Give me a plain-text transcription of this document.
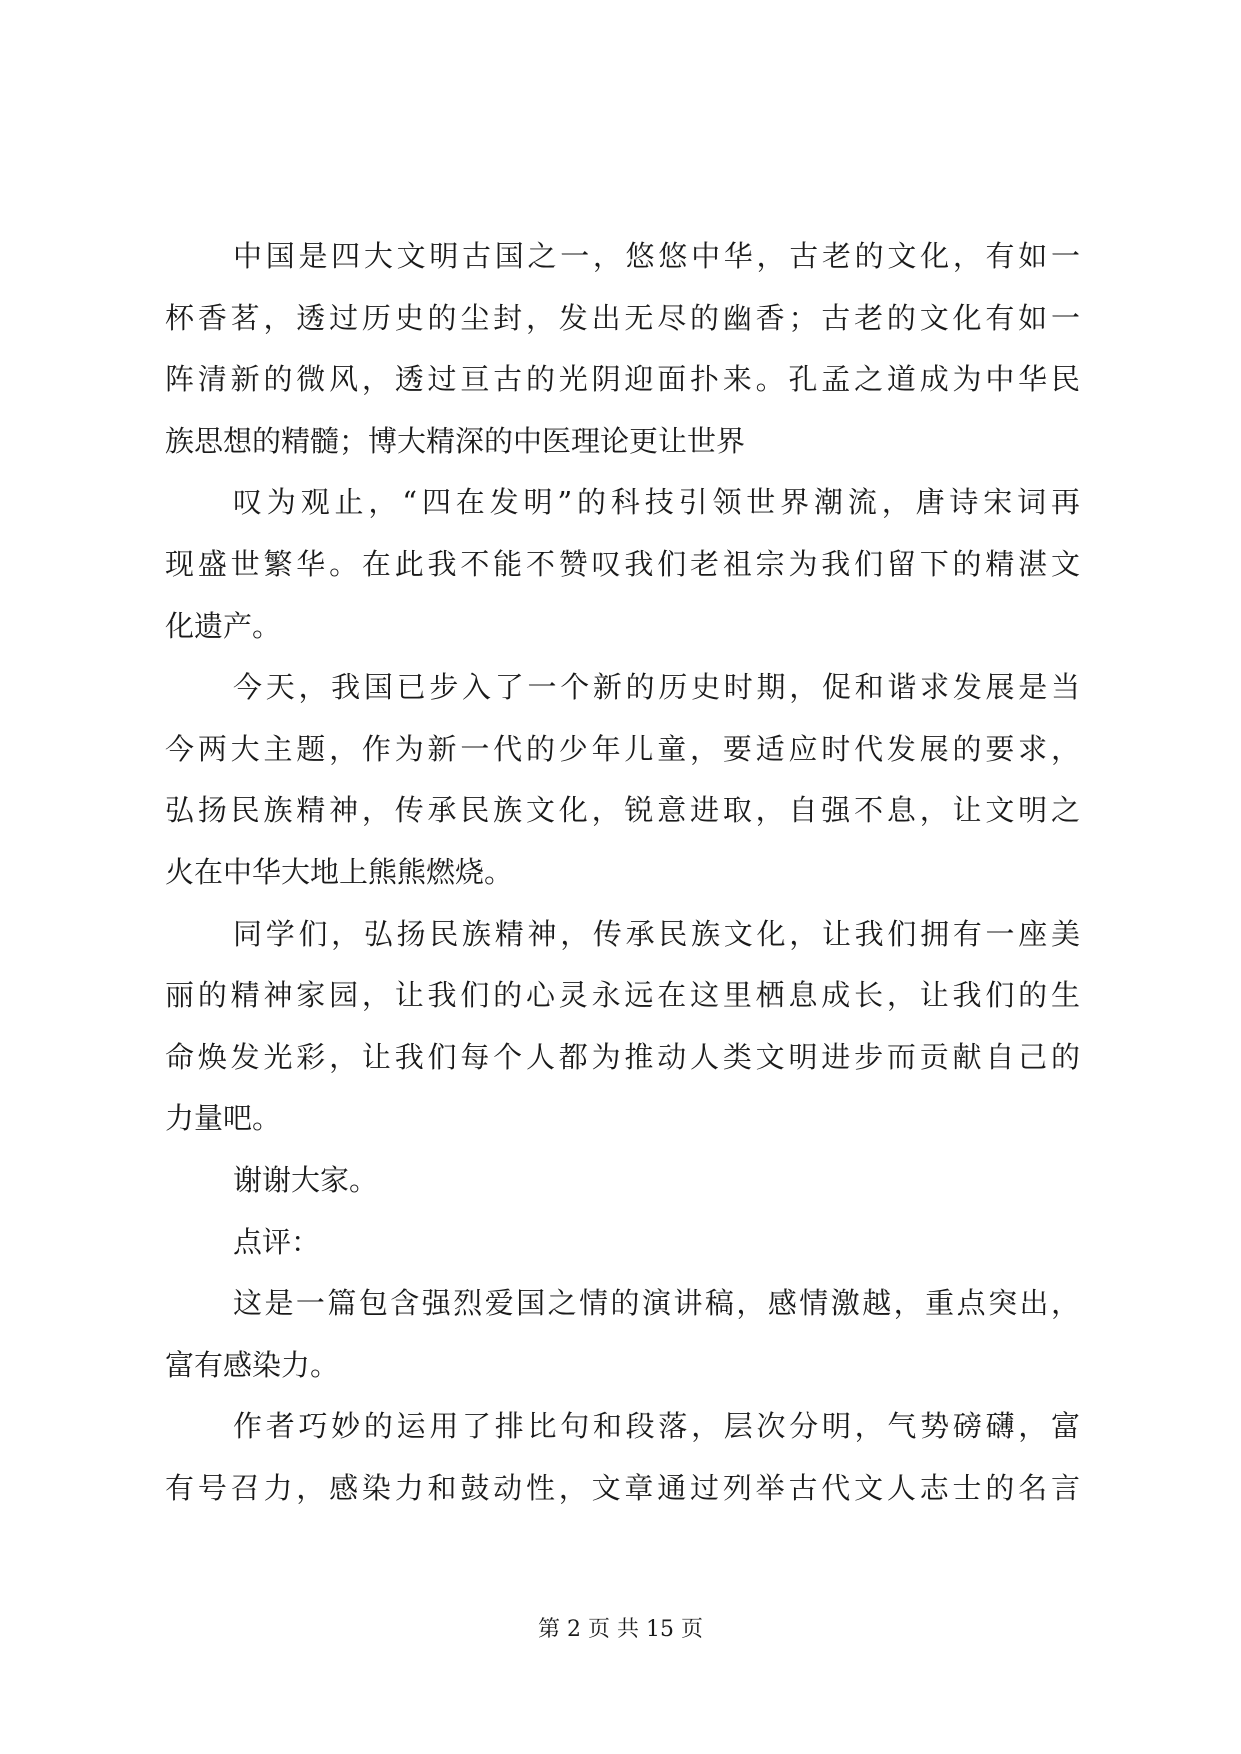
中国是四大文明古国之一，悠悠中华，古老的文化，有如一
杯香茗，透过历史的尘封，发出无尽的幽香；古老的文化有如一
阵清新的微风，透过亘古的光阴迎面扑来。孔孟之道成为中华民
族思想的精髓；博大精深的中医理论更让世界
叹为观止，“四在发明”的科技引领世界潮流，唐诗宋词再
现盛世繁华。在此我不能不赞叹我们老祖宗为我们留下的精湛文
化遗产。
今天，我国已步入了一个新的历史时期，促和谐求发展是当
今两大主题，作为新一代的少年儿童，要适应时代发展的要求，
弘扬民族精神，传承民族文化，锐意进取，自强不息，让文明之
火在中华大地上熊熊燃烧。
同学们，弘扬民族精神，传承民族文化，让我们拥有一座美
丽的精神家园，让我们的心灵永远在这里栖息成长，让我们的生
命焕发光彩，让我们每个人都为推动人类文明进步而贡献自己的
力量吧。
谢谢大家。
点评：
这是一篇包含强烈爱国之情的演讲稿，感情激越，重点突出，
富有感染力。
作者巧妙的运用了排比句和段落，层次分明，气势磅礴，富
有号召力，感染力和鼓动性，文章通过列举古代文人志士的名言
第 2 页 共 15 页
